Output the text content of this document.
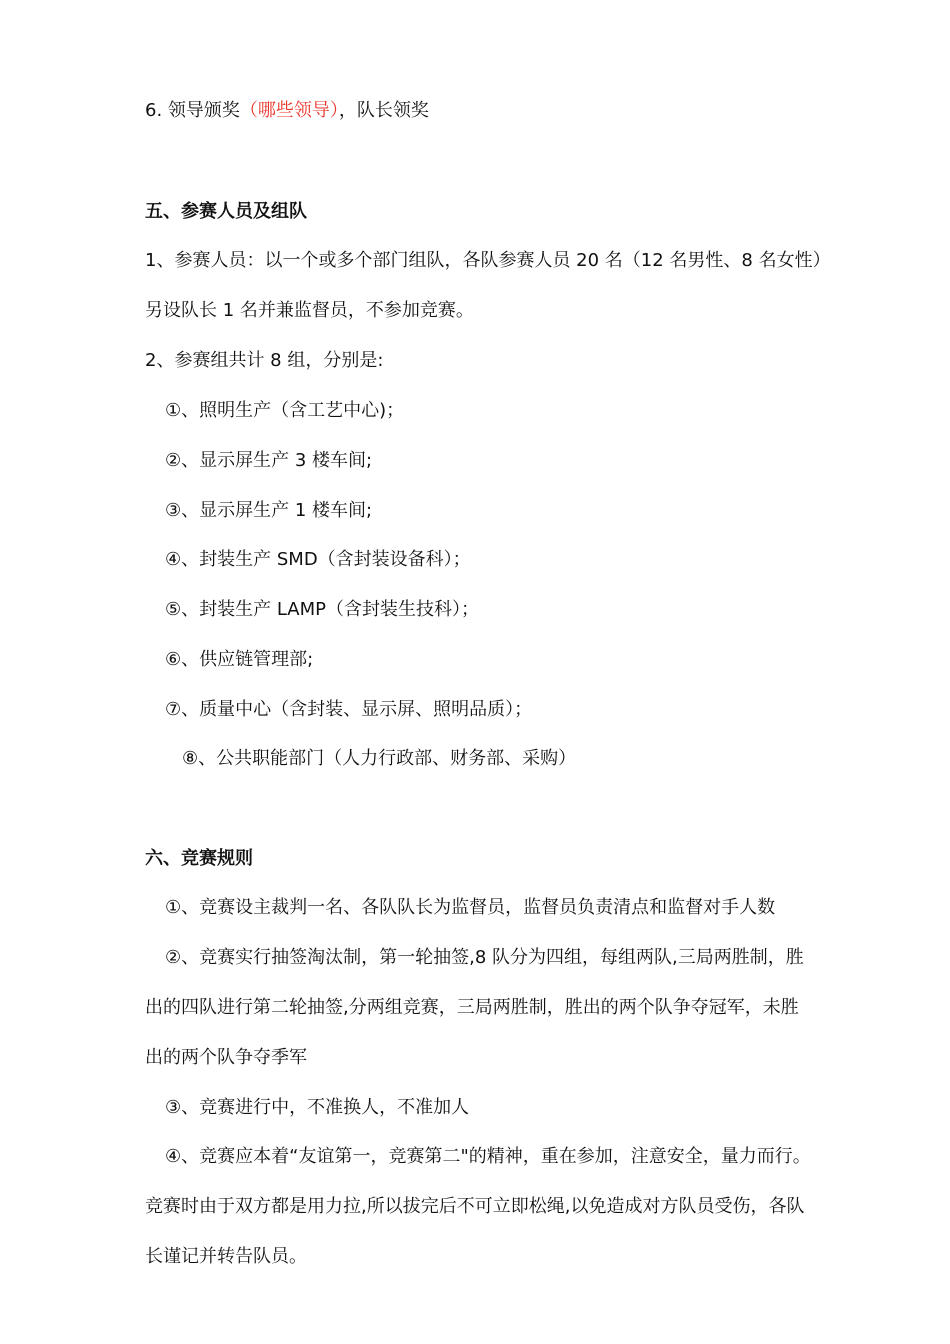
6. 领导颁奖（哪些领导），队长领奖
五、参赛人员及组队
1、参赛人员：以一个或多个部门组队，各队参赛人员 20 名（12 名男性、8 名女性）
另设队长 1 名并兼监督员，不参加竞赛。
2、参赛组共计 8 组，分别是:
①、照明生产（含工艺中心)；
②、显示屏生产 3 楼车间;
③、显示屏生产 1 楼车间;
④、封装生产 SMD（含封装设备科）；
⑤、封装生产 LAMP（含封装生技科）；
⑥、供应链管理部;
⑦、质量中心（含封装、显示屏、照明品质）；
⑧、公共职能部门（人力行政部、财务部、采购）
六、竞赛规则
①、竞赛设主裁判一名、各队队长为监督员，监督员负责清点和监督对手人数
②、竞赛实行抽签淘汰制，第一轮抽签,8 队分为四组，每组两队,三局两胜制，胜
出的四队进行第二轮抽签,分两组竞赛，三局两胜制，胜出的两个队争夺冠军，未胜
出的两个队争夺季军
③、竞赛进行中，不准换人，不准加人
④、竞赛应本着“友谊第一，竞赛第二"的精神，重在参加，注意安全，量力而行。
竞赛时由于双方都是用力拉,所以拔完后不可立即松绳,以免造成对方队员受伤，各队
长谨记并转告队员。
